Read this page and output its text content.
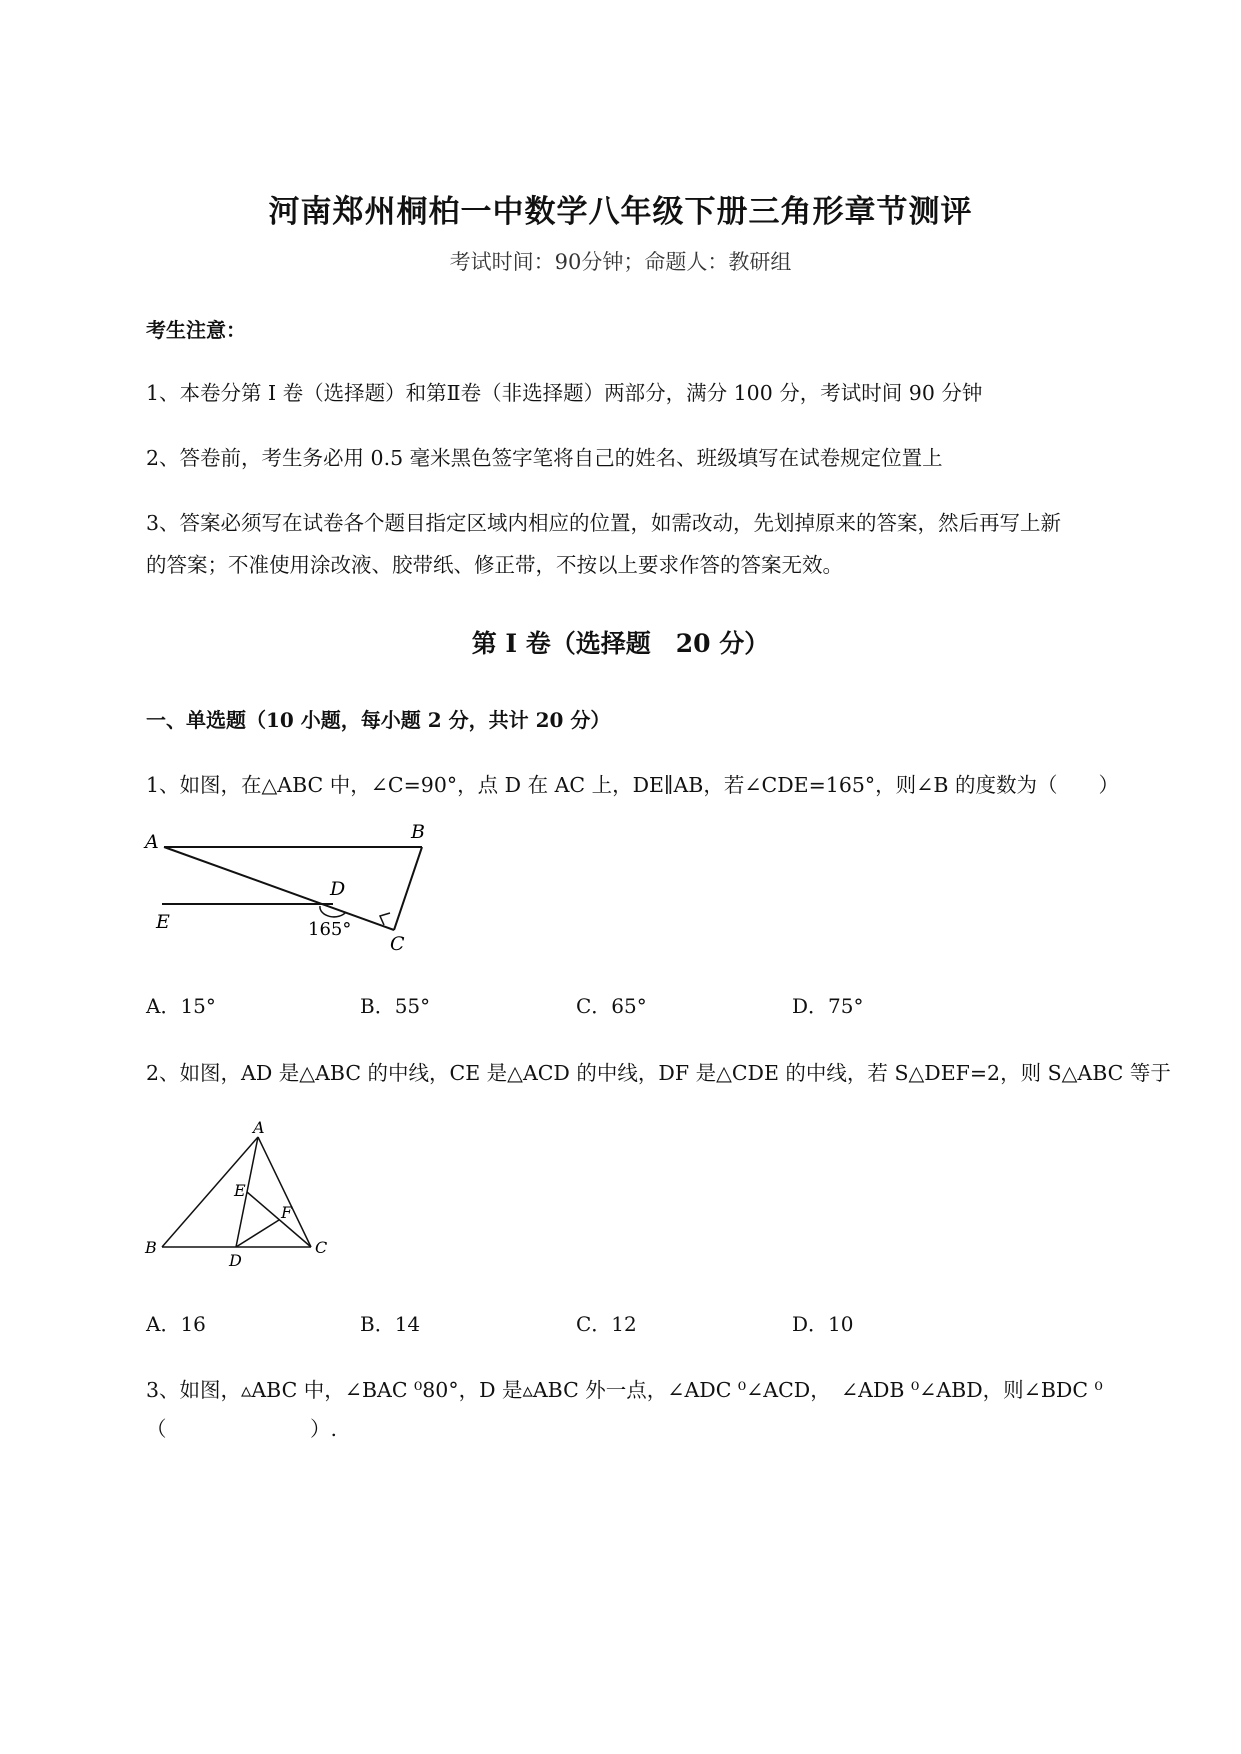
河南郑州桐柏一中数学八年级下册三角形章节测评
考试时间：90分钟；命题人：教研组
考生注意：
1、本卷分第 I 卷（选择题）和第Ⅱ卷（非选择题）两部分，满分 100 分，考试时间 90 分钟
2、答卷前，考生务必用 0.5 毫米黑色签字笔将自己的姓名、班级填写在试卷规定位置上
3、答案必须写在试卷各个题目指定区域内相应的位置，如需改动，先划掉原来的答案，然后再写上新
的答案；不准使用涂改液、胶带纸、修正带，不按以上要求作答的答案无效。
第 I 卷（选择题　20 分）
一、单选题（10 小题，每小题 2 分，共计 20 分）
1、如图，在△ABC 中，∠C=90°，点 D 在 AC 上，DE∥AB，若∠CDE=165°，则∠B 的度数为（　　）
A	B
C
D
E	165°
A．15°	B．55°	C．65°	D．75°
2、如图，AD 是△ABC 的中线，CE 是△ACD 的中线，DF 是△CDE 的中线，若 S△DEF=2，则 S△ABC 等于
A
B	C
D
E
F
A．16	B．14	C．12	D．10
3、如图，▵ABC 中，∠BAC ⁰80°，D 是▵ABC 外一点，∠ADC ⁰∠ACD，　∠ADB ⁰∠ABD，则∠BDC ⁰
（　　　　　　　）.
